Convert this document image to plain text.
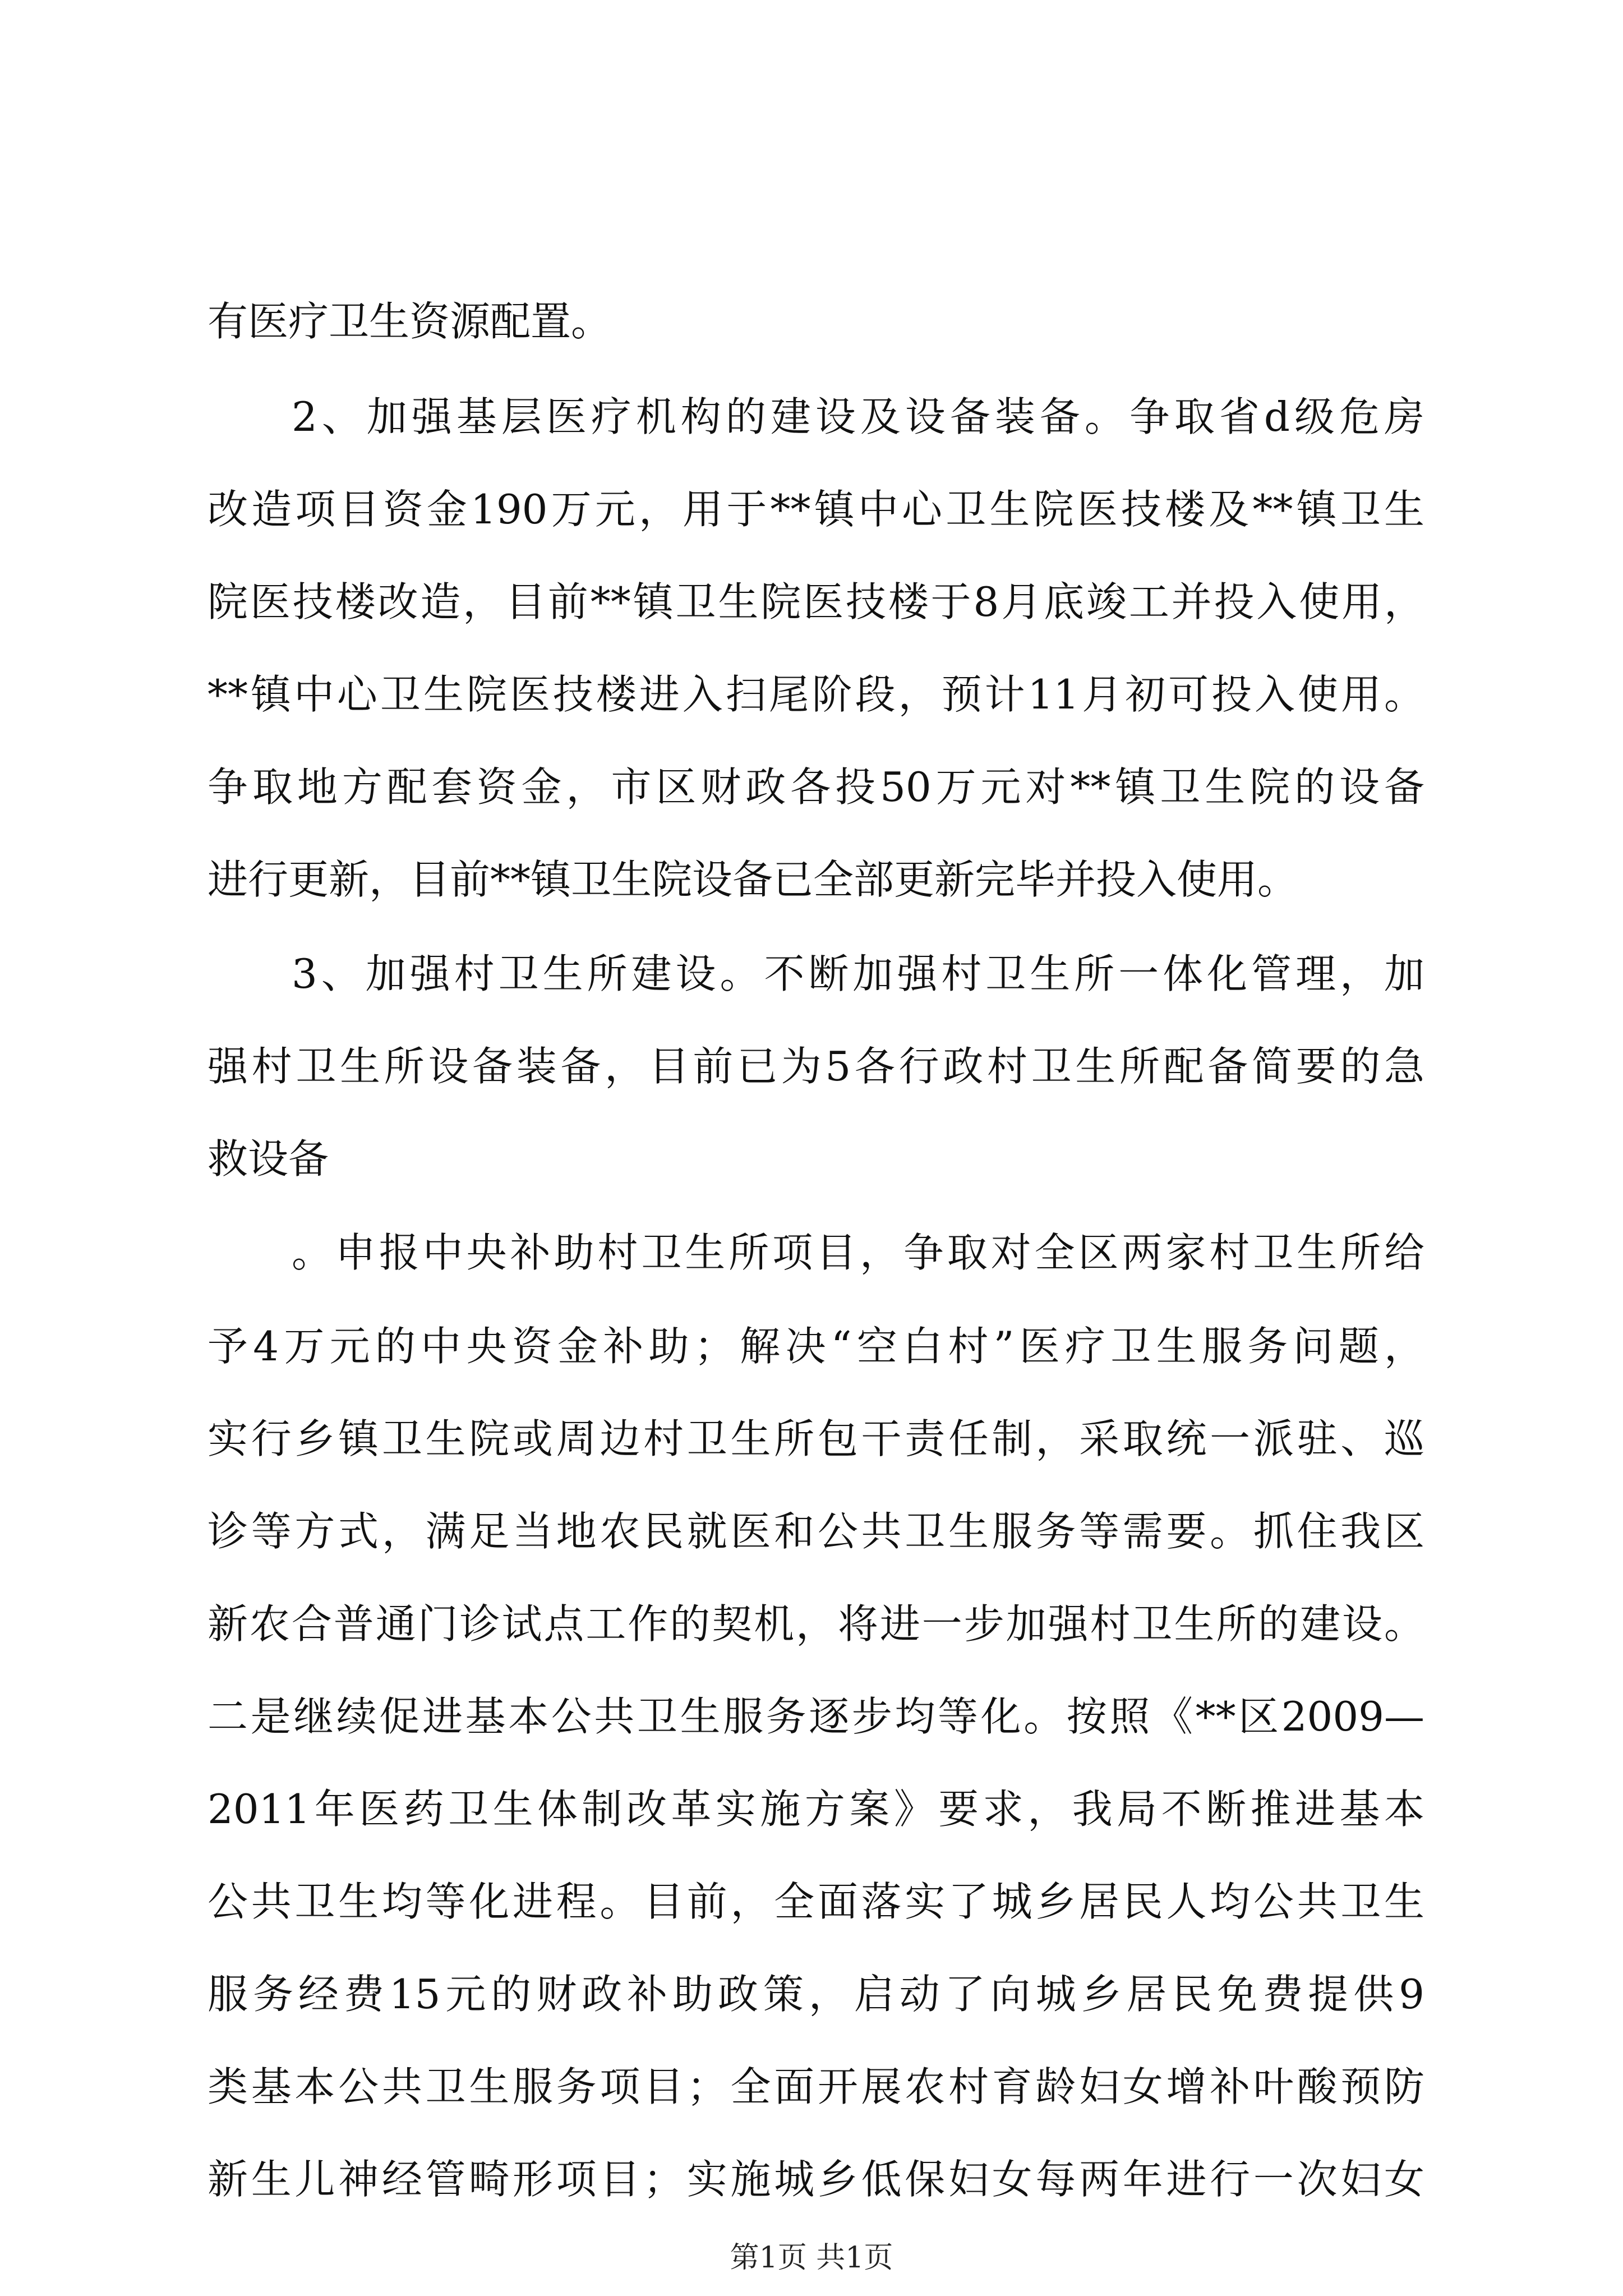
有医疗卫生资源配置。
2、加强基层医疗机构的建设及设备装备。争取省d级危房
改造项目资金190万元，用于**镇中心卫生院医技楼及**镇卫生
院医技楼改造，目前**镇卫生院医技楼于8月底竣工并投入使用，
**镇中心卫生院医技楼进入扫尾阶段，预计11月初可投入使用。
争取地方配套资金，市区财政各投50万元对**镇卫生院的设备
进行更新，目前**镇卫生院设备已全部更新完毕并投入使用。
3、加强村卫生所建设。不断加强村卫生所一体化管理，加
强村卫生所设备装备，目前已为5各行政村卫生所配备简要的急
救设备
。申报中央补助村卫生所项目，争取对全区两家村卫生所给
予4万元的中央资金补助；解决“空白村”医疗卫生服务问题，
实行乡镇卫生院或周边村卫生所包干责任制，采取统一派驻、巡
诊等方式，满足当地农民就医和公共卫生服务等需要。抓住我区
新农合普通门诊试点工作的契机，将进一步加强村卫生所的建设。
二是继续促进基本公共卫生服务逐步均等化。按照《**区2009—
2011年医药卫生体制改革实施方案》要求，我局不断推进基本
公共卫生均等化进程。目前，全面落实了城乡居民人均公共卫生
服务经费15元的财政补助政策，启动了向城乡居民免费提供9
类基本公共卫生服务项目；全面开展农村育龄妇女增补叶酸预防
新生儿神经管畸形项目；实施城乡低保妇女每两年进行一次妇女
第1页 共1页
